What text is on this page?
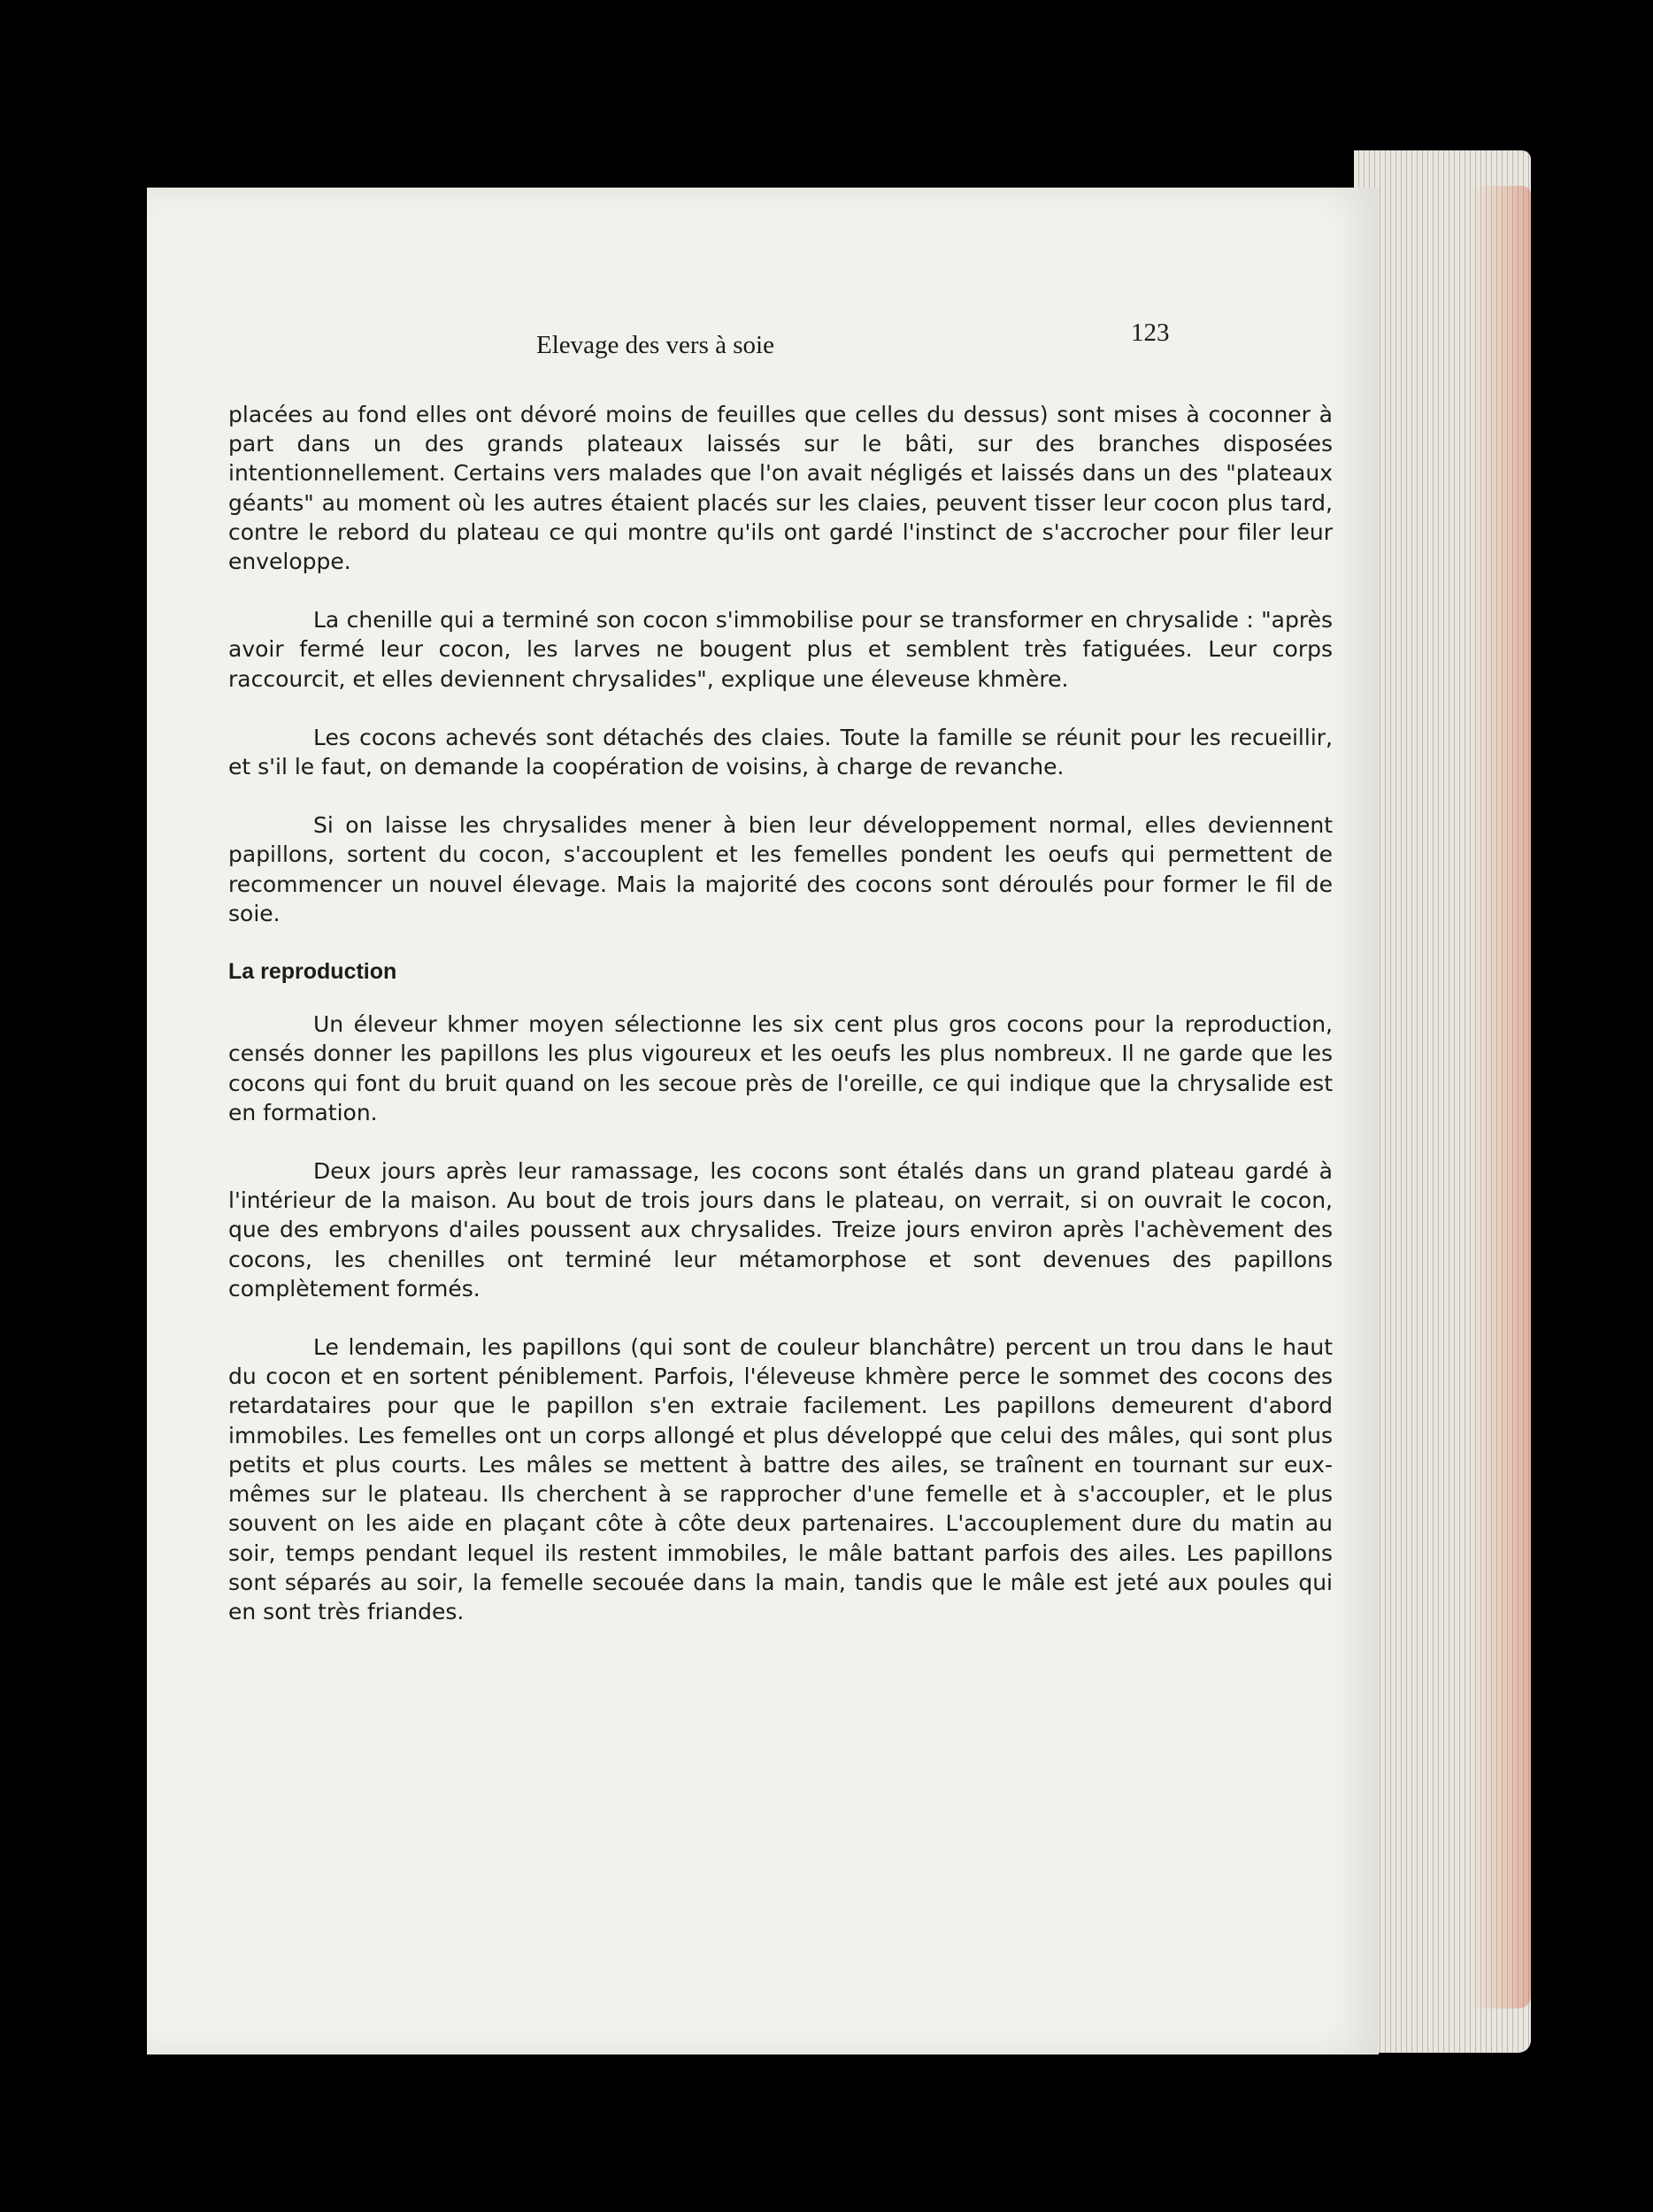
Elevage des vers à soie	123

placées au fond elles ont dévoré moins de feuilles que celles du dessus) sont mises à coconner à part dans un des grands plateaux laissés sur le bâti, sur des branches disposées intentionnellement. Certains vers malades que l'on avait négligés et laissés dans un des "plateaux géants" au moment où les autres étaient placés sur les claies, peuvent tisser leur cocon plus tard, contre le rebord du plateau ce qui montre qu'ils ont gardé l'instinct de s'accrocher pour filer leur enveloppe.

La chenille qui a terminé son cocon s'immobilise pour se transformer en chrysalide : "après avoir fermé leur cocon, les larves ne bougent plus et semblent très fatiguées. Leur corps raccourcit, et elles deviennent chrysalides", explique une éleveuse khmère.

Les cocons achevés sont détachés des claies. Toute la famille se réunit pour les recueillir, et s'il le faut, on demande la coopération de voisins, à charge de revanche.

Si on laisse les chrysalides mener à bien leur développement normal, elles deviennent papillons, sortent du cocon, s'accouplent et les femelles pondent les oeufs qui permettent de recommencer un nouvel élevage. Mais la majorité des cocons sont déroulés pour former le fil de soie.

La reproduction

Un éleveur khmer moyen sélectionne les six cent plus gros cocons pour la reproduction, censés donner les papillons les plus vigoureux et les oeufs les plus nombreux. Il ne garde que les cocons qui font du bruit quand on les secoue près de l'oreille, ce qui indique que la chrysalide est en formation.

Deux jours après leur ramassage, les cocons sont étalés dans un grand plateau gardé à l'intérieur de la maison. Au bout de trois jours dans le plateau, on verrait, si on ouvrait le cocon, que des embryons d'ailes poussent aux chrysalides. Treize jours environ après l'achèvement des cocons, les chenilles ont terminé leur métamorphose et sont devenues des papillons complètement formés.

Le lendemain, les papillons (qui sont de couleur blanchâtre) percent un trou dans le haut du cocon et en sortent péniblement. Parfois, l'éleveuse khmère perce le sommet des cocons des retardataires pour que le papillon s'en extraie facilement. Les papillons demeurent d'abord immobiles. Les femelles ont un corps allongé et plus développé que celui des mâles, qui sont plus petits et plus courts. Les mâles se mettent à battre des ailes, se traînent en tournant sur eux-mêmes sur le plateau. Ils cherchent à se rapprocher d'une femelle et à s'accoupler, et le plus souvent on les aide en plaçant côte à côte deux partenaires. L'accouplement dure du matin au soir, temps pendant lequel ils restent immobiles, le mâle battant parfois des ailes. Les papillons sont séparés au soir, la femelle secouée dans la main, tandis que le mâle est jeté aux poules qui en sont très friandes.
